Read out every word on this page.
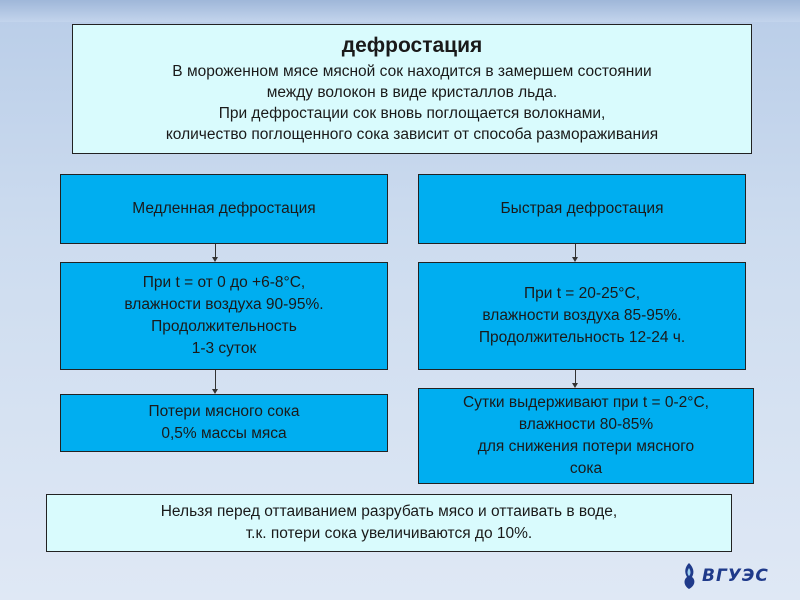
дефростация
В мороженном мясе мясной сок находится в замершем состоянии
между волокон в виде кристаллов льда.
При дефростации сок вновь поглощается волокнами,
количество поглощенного сока зависит от способа размораживания
Медленная дефростация
При t = от 0 до +6-8°С,
влажности воздуха 90-95%.
Продолжительность
1-3 суток
Потери мясного сока
0,5% массы мяса
Быстрая дефростация
При t = 20-25°С,
влажности воздуха 85-95%.
Продолжительность 12-24 ч.
Сутки выдерживают при t = 0-2°С,
влажности 80-85%
для снижения потери мясного
сока
Нельзя перед оттаиванием разрубать мясо и оттаивать в воде,
т.к. потери сока увеличиваются до 10%.
ВГУЭС
